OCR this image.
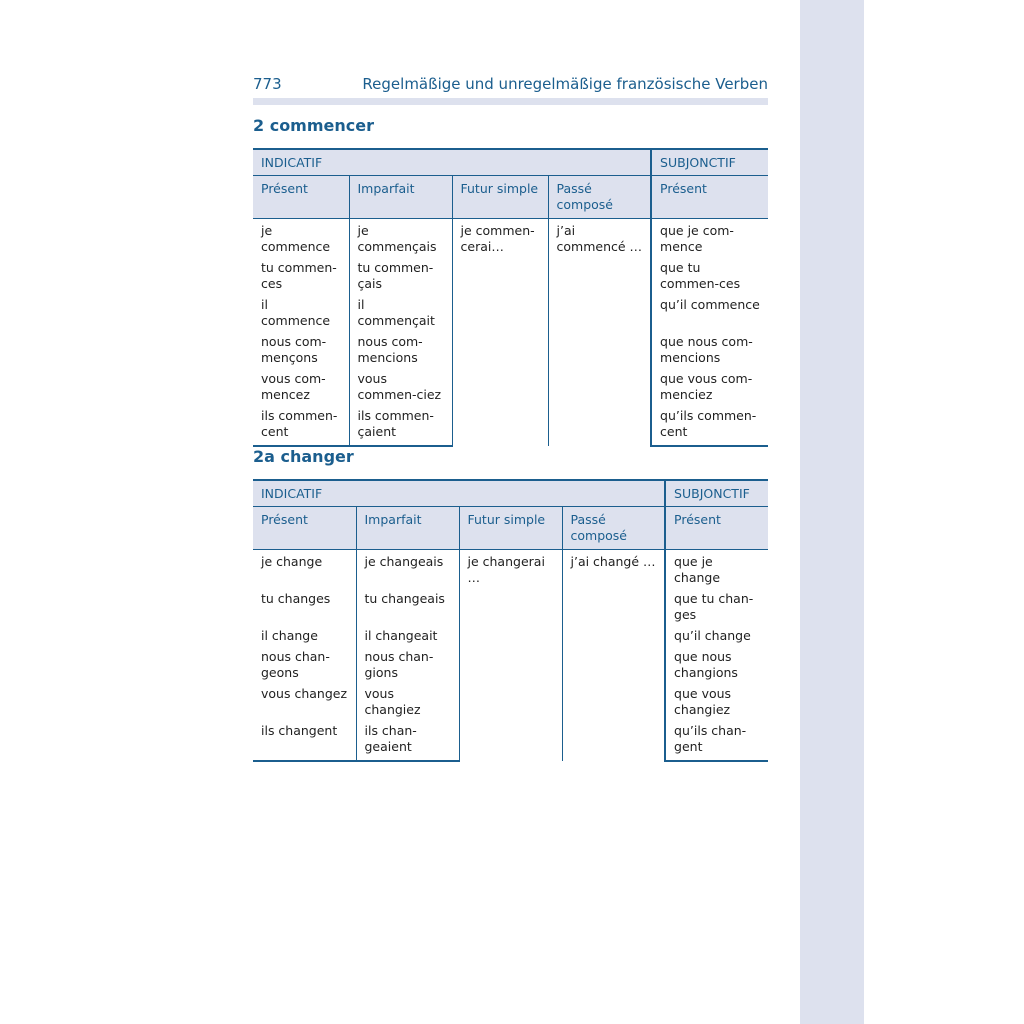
773	Regelmäßige und unregelmäßige französische Verben
2 commencer
INDICATIF				SUBJONCTIF
Présent	Imparfait	Futur simple	Passé composé	Présent
je commence	je commençais	je commen-cerai…	j’ai commencé …	que je com-mence
tu commen-ces	tu commen-çais			que tu commen-ces
il commence	il commençait			qu’il commence
nous com-mençons	nous com-mencions			que nous com-mencions
vous com-mencez	vous commen-ciez			que vous com-menciez
ils commen-cent	ils commen-çaient			qu’ils commen-cent
2a changer
INDICATIF				SUBJONCTIF
Présent	Imparfait	Futur simple	Passé composé	Présent
je change	je changeais	je changerai …	j’ai changé …	que je change
tu changes	tu changeais			que tu chan-ges
il change	il changeait			qu’il change
nous chan-geons	nous chan-gions			que nous changions
vous changez	vous changiez			que vous changiez
ils changent	ils chan-geaient			qu’ils chan-gent
